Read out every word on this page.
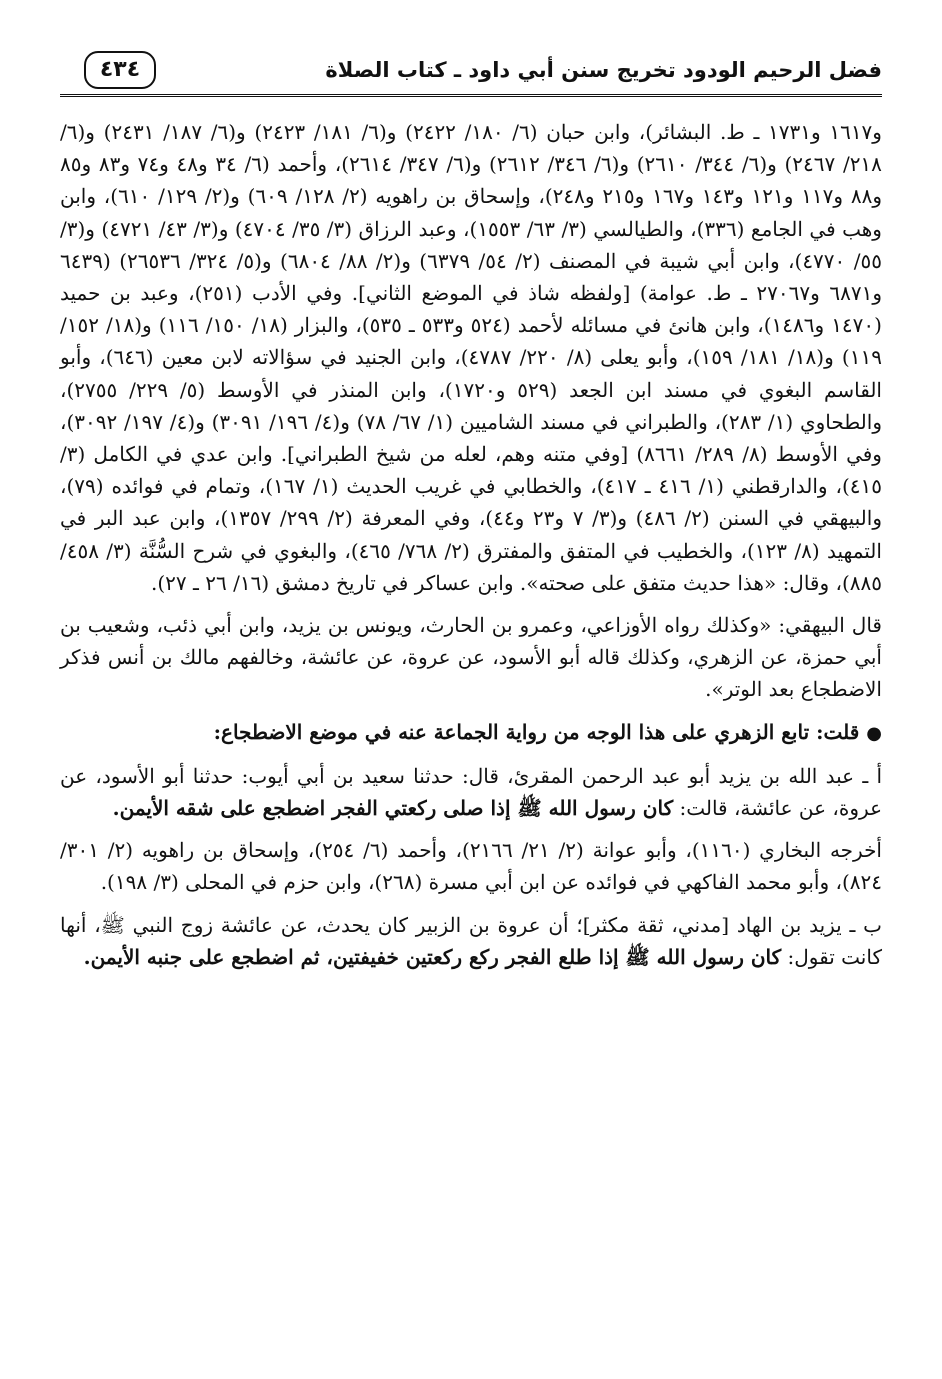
فضل الرحيم الودود تخريج سنن أبي داود ـ كتاب الصلاة
٤٣٤

و١٦١٧ و١٧٣١ ـ ط. البشائر)، وابن حبان (٦/ ١٨٠/ ٢٤٢٢) و(٦/ ١٨١/ ٢٤٢٣) و(٦/ ١٨٧/ ٢٤٣١) و(٦/ ٢١٨/ ٢٤٦٧) و(٦/ ٣٤٤/ ٢٦١٠) و(٦/ ٣٤٦/ ٢٦١٢) و(٦/ ٣٤٧/ ٢٦١٤)، وأحمد (٦/ ٣٤ و٤٨ و٧٤ و٨٣ و٨٥ و٨٨ و١١٧ و١٢١ و١٤٣ و١٦٧ و٢١٥ و٢٤٨)، وإسحاق بن راهويه (٢/ ١٢٨/ ٦٠٩) و(٢/ ١٢٩/ ٦١٠)، وابن وهب في الجامع (٣٣٦)، والطيالسي (٣/ ٦٣/ ١٥٥٣)، وعبد الرزاق (٣/ ٣٥/ ٤٧٠٤) و(٣/ ٤٣/ ٤٧٢١) و(٣/ ٥٥/ ٤٧٧٠)، وابن أبي شيبة في المصنف (٢/ ٥٤/ ٦٣٧٩) و(٢/ ٨٨/ ٦٨٠٤) و(٥/ ٣٢٤/ ٢٦٥٣٦) (٦٤٣٩ و٦٨٧١ و٢٧٠٦٧ ـ ط. عوامة) [ولفظه شاذ في الموضع الثاني]. وفي الأدب (٢٥١)، وعبد بن حميد (١٤٧٠ و١٤٨٦)، وابن هانئ في مسائله لأحمد (٥٢٤ و٥٣٣ ـ ٥٣٥)، والبزار (١٨/ ١٥٠/ ١١٦) و(١٨/ ١٥٢/ ١١٩) و(١٨/ ١٨١/ ١٥٩)، وأبو يعلى (٨/ ٢٢٠/ ٤٧٨٧)، وابن الجنيد في سؤالاته لابن معين (٦٤٦)، وأبو القاسم البغوي في مسند ابن الجعد (٥٢٩ و١٧٢٠)، وابن المنذر في الأوسط (٥/ ٢٢٩/ ٢٧٥٥)، والطحاوي (١/ ٢٨٣)، والطبراني في مسند الشاميين (١/ ٦٧/ ٧٨) و(٤/ ١٩٦/ ٣٠٩١) و(٤/ ١٩٧/ ٣٠٩٢)، وفي الأوسط (٨/ ٢٨٩/ ٨٦٦١) [وفي متنه وهم، لعله من شيخ الطبراني]. وابن عدي في الكامل (٣/ ٤١٥)، والدارقطني (١/ ٤١٦ ـ ٤١٧)، والخطابي في غريب الحديث (١/ ١٦٧)، وتمام في فوائده (٧٩)، والبيهقي في السنن (٢/ ٤٨٦) و(٣/ ٧ و٢٣ و٤٤)، وفي المعرفة (٢/ ٢٩٩/ ١٣٥٧)، وابن عبد البر في التمهيد (٨/ ١٢٣)، والخطيب في المتفق والمفترق (٢/ ٧٦٨/ ٤٦٥)، والبغوي في شرح السُّنَّة (٣/ ٤٥٨/ ٨٨٥)، وقال: «هذا حديث متفق على صحته». وابن عساكر في تاريخ دمشق (١٦/ ٢٦ ـ ٢٧).

قال البيهقي: «وكذلك رواه الأوزاعي، وعمرو بن الحارث، ويونس بن يزيد، وابن أبي ذئب، وشعيب بن أبي حمزة، عن الزهري، وكذلك قاله أبو الأسود، عن عروة، عن عائشة، وخالفهم مالك بن أنس فذكر الاضطجاع بعد الوتر».

● قلت: تابع الزهري على هذا الوجه من رواية الجماعة عنه في موضع الاضطجاع:

أ ـ عبد الله بن يزيد أبو عبد الرحمن المقرئ، قال: حدثنا سعيد بن أبي أيوب: حدثنا أبو الأسود، عن عروة، عن عائشة، قالت: كان رسول الله ﷺ إذا صلى ركعتي الفجر اضطجع على شقه الأيمن.

أخرجه البخاري (١١٦٠)، وأبو عوانة (٢/ ٢١/ ٢١٦٦)، وأحمد (٦/ ٢٥٤)، وإسحاق بن راهويه (٢/ ٣٠١/ ٨٢٤)، وأبو محمد الفاكهي في فوائده عن ابن أبي مسرة (٢٦٨)، وابن حزم في المحلى (٣/ ١٩٨).

ب ـ يزيد بن الهاد [مدني، ثقة مكثر]؛ أن عروة بن الزبير كان يحدث، عن عائشة زوج النبي ﷺ، أنها كانت تقول: كان رسول الله ﷺ إذا طلع الفجر ركع ركعتين خفيفتين، ثم اضطجع على جنبه الأيمن.
